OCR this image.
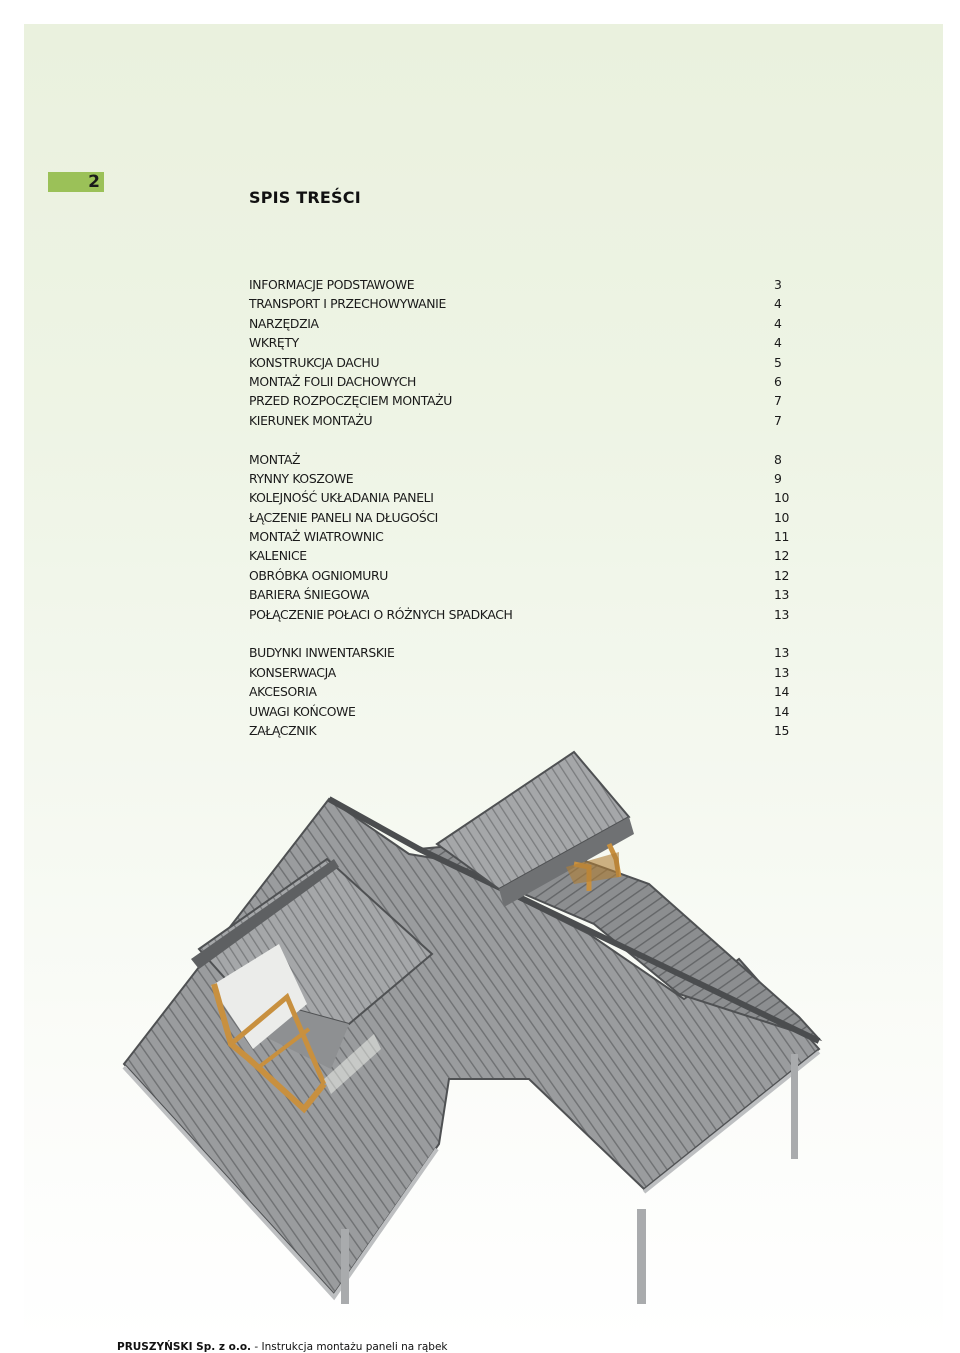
2
SPIS TREŚCI
INFORMACJE PODSTAWOWE	3
TRANSPORT I PRZECHOWYWANIE	4
NARZĘDZIA	4
WKRĘTY	4
KONSTRUKCJA DACHU	5
MONTAŻ FOLII DACHOWYCH	6
PRZED ROZPOCZĘCIEM MONTAŻU	7
KIERUNEK MONTAŻU	7
MONTAŻ	8
RYNNY KOSZOWE	9
KOLEJNOŚĆ UKŁADANIA PANELI	10
ŁĄCZENIE PANELI NA DŁUGOŚCI	10
MONTAŻ WIATROWNIC	11
KALENICE	12
OBRÓBKA OGNIOMURU	12
BARIERA ŚNIEGOWA	13
POŁĄCZENIE POŁACI O RÓŻNYCH SPADKACH	13
BUDYNKI INWENTARSKIE	13
KONSERWACJA	13
AKCESORIA	14
UWAGI KOŃCOWE	14
ZAŁĄCZNIK	15
PRUSZYŃSKI Sp. z o.o. - Instrukcja montażu paneli na rąbek
